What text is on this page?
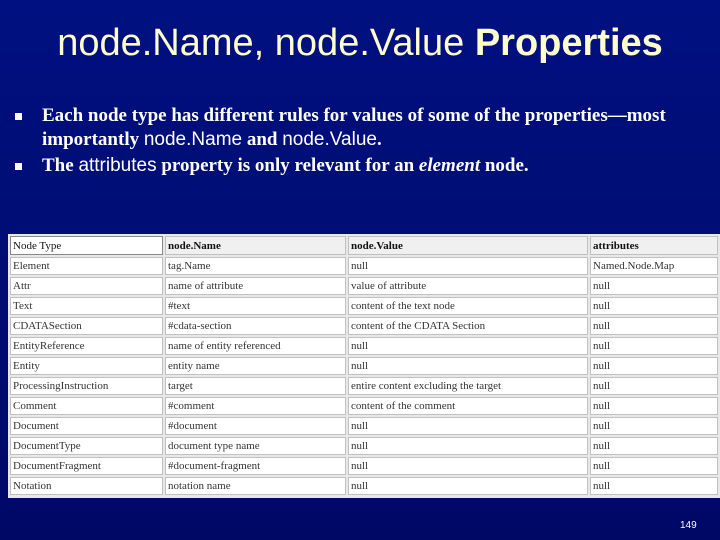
node.Name, node.Value Properties
Each node type has different rules for values of some of the properties—most importantly node.Name and node.Value.
The attributes property is only relevant for an element node.
Node Type	node.Name	node.Value	attributes
Element	tag.Name	null	Named.Node.Map
Attr	name of attribute	value of attribute	null
Text	#text	content of the text node	null
CDATASection	#cdata-section	content of the CDATA Section	null
EntityReference	name of entity referenced	null	null
Entity	entity name	null	null
ProcessingInstruction	target	entire content excluding the target	null
Comment	#comment	content of the comment	null
Document	#document	null	null
DocumentType	document type name	null	null
DocumentFragment	#document-fragment	null	null
Notation	notation name	null	null
149
